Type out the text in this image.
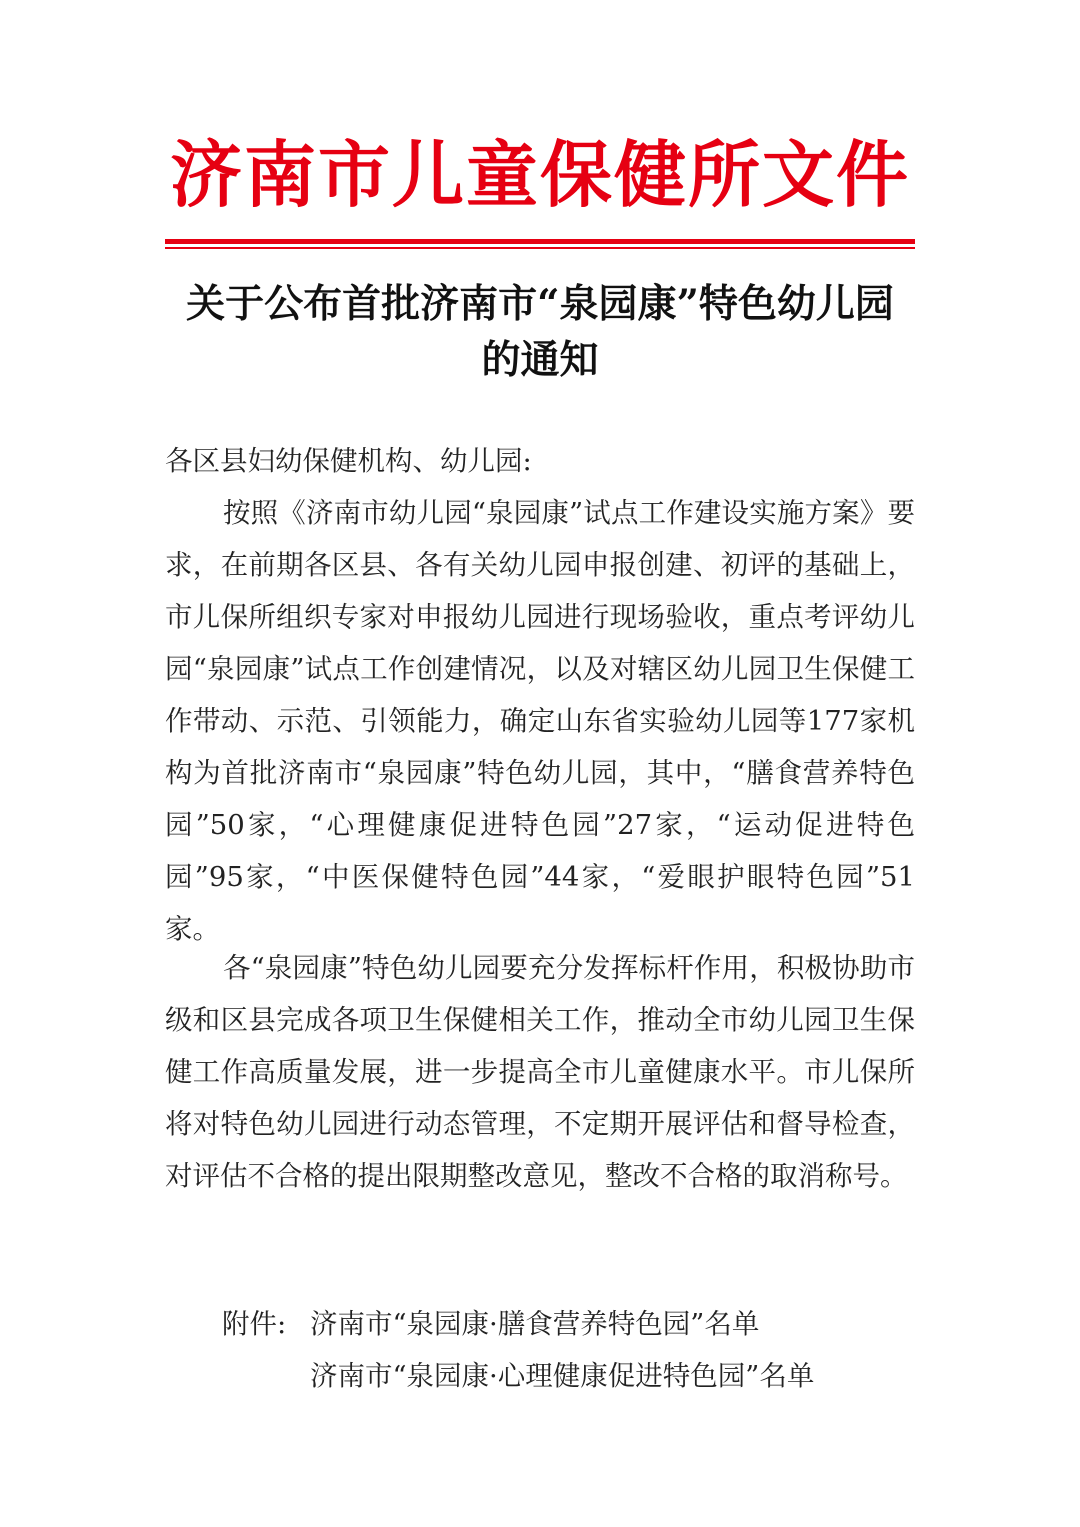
济南市儿童保健所文件
关于公布首批济南市“泉园康”特色幼儿园
的通知
各区县妇幼保健机构、幼儿园:

按照《济南市幼儿园“泉园康”试点工作建设实施方案》要求，在前期各区县、各有关幼儿园申报创建、初评的基础上，市儿保所组织专家对申报幼儿园进行现场验收，重点考评幼儿园“泉园康”试点工作创建情况，以及对辖区幼儿园卫生保健工作带动、示范、引领能力，确定山东省实验幼儿园等177家机构为首批济南市“泉园康”特色幼儿园，其中，“膳食营养特色园”50家，“心理健康促进特色园”27家，“运动促进特色园”95家，“中医保健特色园”44家，“爱眼护眼特色园”51家。

各“泉园康”特色幼儿园要充分发挥标杆作用，积极协助市级和区县完成各项卫生保健相关工作，推动全市幼儿园卫生保健工作高质量发展，进一步提高全市儿童健康水平。市儿保所将对特色幼儿园进行动态管理，不定期开展评估和督导检查，对评估不合格的提出限期整改意见，整改不合格的取消称号。

附件: 济南市“泉园康·膳食营养特色园”名单
济南市“泉园康·心理健康促进特色园”名单
